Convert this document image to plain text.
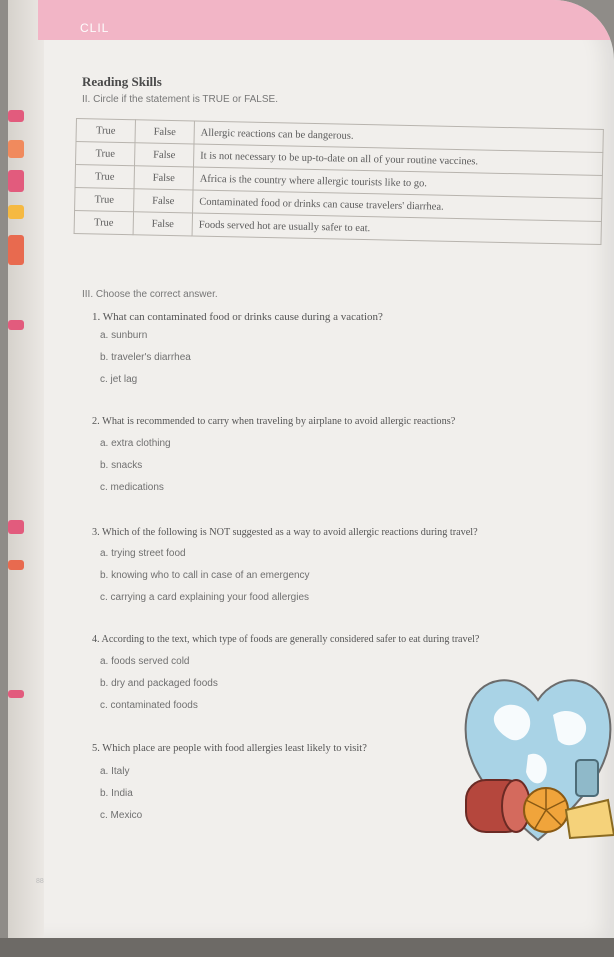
CLIL
Reading Skills
II. Circle if the statement is TRUE or FALSE.
True	False	Allergic reactions can be dangerous.
True	False	It is not necessary to be up-to-date on all of your routine vaccines.
True	False	Africa is the country where allergic tourists like to go.
True	False	Contaminated food or drinks can cause travelers' diarrhea.
True	False	Foods served hot are usually safer to eat.
III. Choose the correct answer.
1. What can contaminated food or drinks cause during a vacation?
a. sunburn
b. traveler's diarrhea
c. jet lag
2. What is recommended to carry when traveling by airplane to avoid allergic reactions?
a. extra clothing
b. snacks
c. medications
3. Which of the following is NOT suggested as a way to avoid allergic reactions during travel?
a. trying street food
b. knowing who to call in case of an emergency
c. carrying a card explaining your food allergies
4. According to the text, which type of foods are generally considered safer to eat during travel?
a. foods served cold
b. dry and packaged foods
c. contaminated foods
5. Which place are people with food allergies least likely to visit?
a. Italy
b. India
c. Mexico
88
